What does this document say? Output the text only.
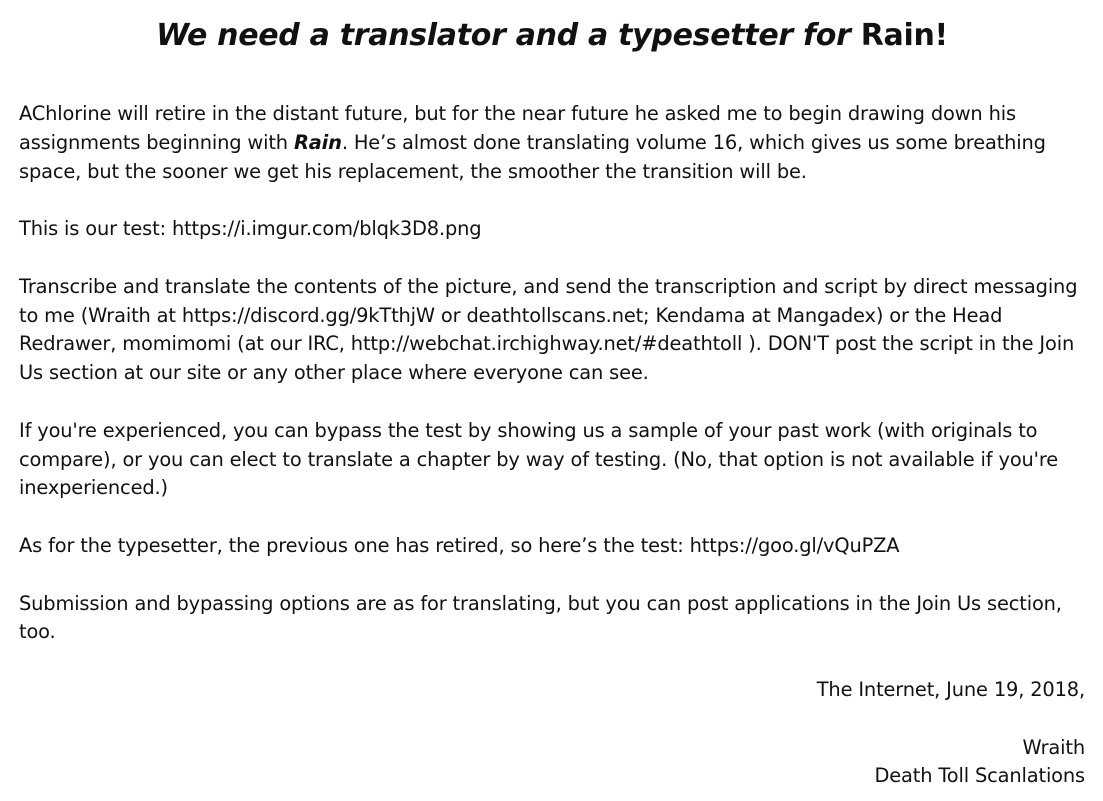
We need a translator and a typesetter for Rain!

AChlorine will retire in the distant future, but for the near future he asked me to begin drawing down his assignments beginning with Rain. He’s almost done translating volume 16, which gives us some breathing space, but the sooner we get his replacement, the smoother the transition will be.

This is our test: https://i.imgur.com/blqk3D8.png

Transcribe and translate the contents of the picture, and send the transcription and script by direct messaging to me (Wraith at https://discord.gg/9kTthjW or deathtollscans.net; Kendama at Mangadex) or the Head Redrawer, momimomi (at our IRC, http://webchat.irchighway.net/#deathtoll ). DON'T post the script in the Join Us section at our site or any other place where everyone can see.

If you're experienced, you can bypass the test by showing us a sample of your past work (with originals to compare), or you can elect to translate a chapter by way of testing. (No, that option is not available if you're inexperienced.)

As for the typesetter, the previous one has retired, so here’s the test: https://goo.gl/vQuPZA

Submission and bypassing options are as for translating, but you can post applications in the Join Us section, too.

The Internet, June 19, 2018,

Wraith

Death Toll Scanlations
